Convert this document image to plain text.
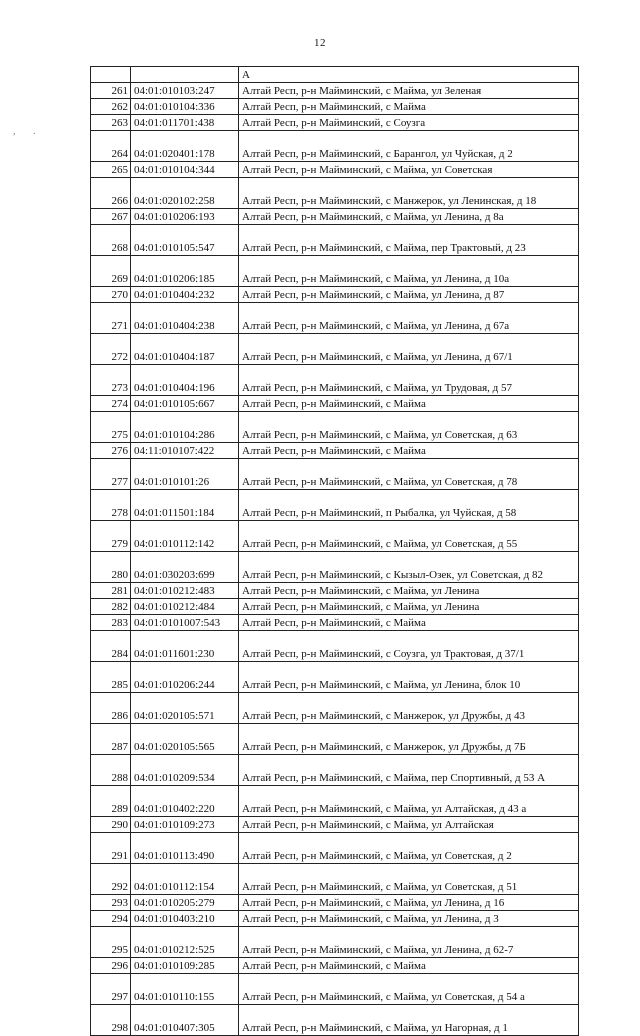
12
, .
		А
261	04:01:010103:247	Алтай Респ, р-н Майминский, с Майма, ул Зеленая
262	04:01:010104:336	Алтай Респ, р-н Майминский, с Майма
263	04:01:011701:438	Алтай Респ, р-н Майминский, с Соузга
264	04:01:020401:178	Алтай Респ, р-н Майминский, с Барангол, ул Чуйская, д 2
265	04:01:010104:344	Алтай Респ, р-н Майминский, с Майма, ул Советская
266	04:01:020102:258	Алтай Респ, р-н Майминский, с Манжерок, ул Ленинская, д 18
267	04:01:010206:193	Алтай Респ, р-н Майминский, с Майма, ул Ленина, д 8а
268	04:01:010105:547	Алтай Респ, р-н Майминский, с Майма, пер Трактовый, д 23
269	04:01:010206:185	Алтай Респ, р-н Майминский, с Майма, ул Ленина, д 10а
270	04:01:010404:232	Алтай Респ, р-н Майминский, с Майма, ул Ленина, д 87
271	04:01:010404:238	Алтай Респ, р-н Майминский, с Майма, ул Ленина, д 67а
272	04:01:010404:187	Алтай Респ, р-н Майминский, с Майма, ул Ленина, д 67/1
273	04:01:010404:196	Алтай Респ, р-н Майминский, с Майма, ул Трудовая, д 57
274	04:01:010105:667	Алтай Респ, р-н Майминский, с Майма
275	04:01:010104:286	Алтай Респ, р-н Майминский, с Майма, ул Советская, д 63
276	04:11:010107:422	Алтай Респ, р-н Майминский, с Майма
277	04:01:010101:26	Алтай Респ, р-н Майминский, с Майма, ул Советская, д 78
278	04:01:011501:184	Алтай Респ, р-н Майминский, п Рыбалка, ул Чуйская, д 58
279	04:01:010112:142	Алтай Респ, р-н Майминский, с Майма, ул Советская, д 55
280	04:01:030203:699	Алтай Респ, р-н Майминский, с Кызыл-Озек, ул Советская, д 82
281	04:01:010212:483	Алтай Респ, р-н Майминский, с Майма, ул Ленина
282	04:01:010212:484	Алтай Респ, р-н Майминский, с Майма, ул Ленина
283	04:01:0101007:543	Алтай Респ, р-н Майминский, с Майма
284	04:01:011601:230	Алтай Респ, р-н Майминский, с Соузга, ул Трактовая, д 37/1
285	04:01:010206:244	Алтай Респ, р-н Майминский, с Майма, ул Ленина, блок 10
286	04:01:020105:571	Алтай Респ, р-н Майминский, с Манжерок, ул Дружбы, д 43
287	04:01:020105:565	Алтай Респ, р-н Майминский, с Манжерок, ул Дружбы, д 7Б
288	04:01:010209:534	Алтай Респ, р-н Майминский, с Майма, пер Спортивный, д 53 А
289	04:01:010402:220	Алтай Респ, р-н Майминский, с Майма, ул Алтайская, д 43 а
290	04:01:010109:273	Алтай Респ, р-н Майминский, с Майма, ул Алтайская
291	04:01:010113:490	Алтай Респ, р-н Майминский, с Майма, ул Советская, д 2
292	04:01:010112:154	Алтай Респ, р-н Майминский, с Майма, ул Советская, д 51
293	04:01:010205:279	Алтай Респ, р-н Майминский, с Майма, ул Ленина, д 16
294	04:01:010403:210	Алтай Респ, р-н Майминский, с Майма, ул Ленина, д 3
295	04:01:010212:525	Алтай Респ, р-н Майминский, с Майма, ул Ленина, д 62-7
296	04:01:010109:285	Алтай Респ, р-н Майминский, с Майма
297	04:01:010110:155	Алтай Респ, р-н Майминский, с Майма, ул Советская, д 54 а
298	04:01:010407:305	Алтай Респ, р-н Майминский, с Майма, ул Нагорная, д 1
